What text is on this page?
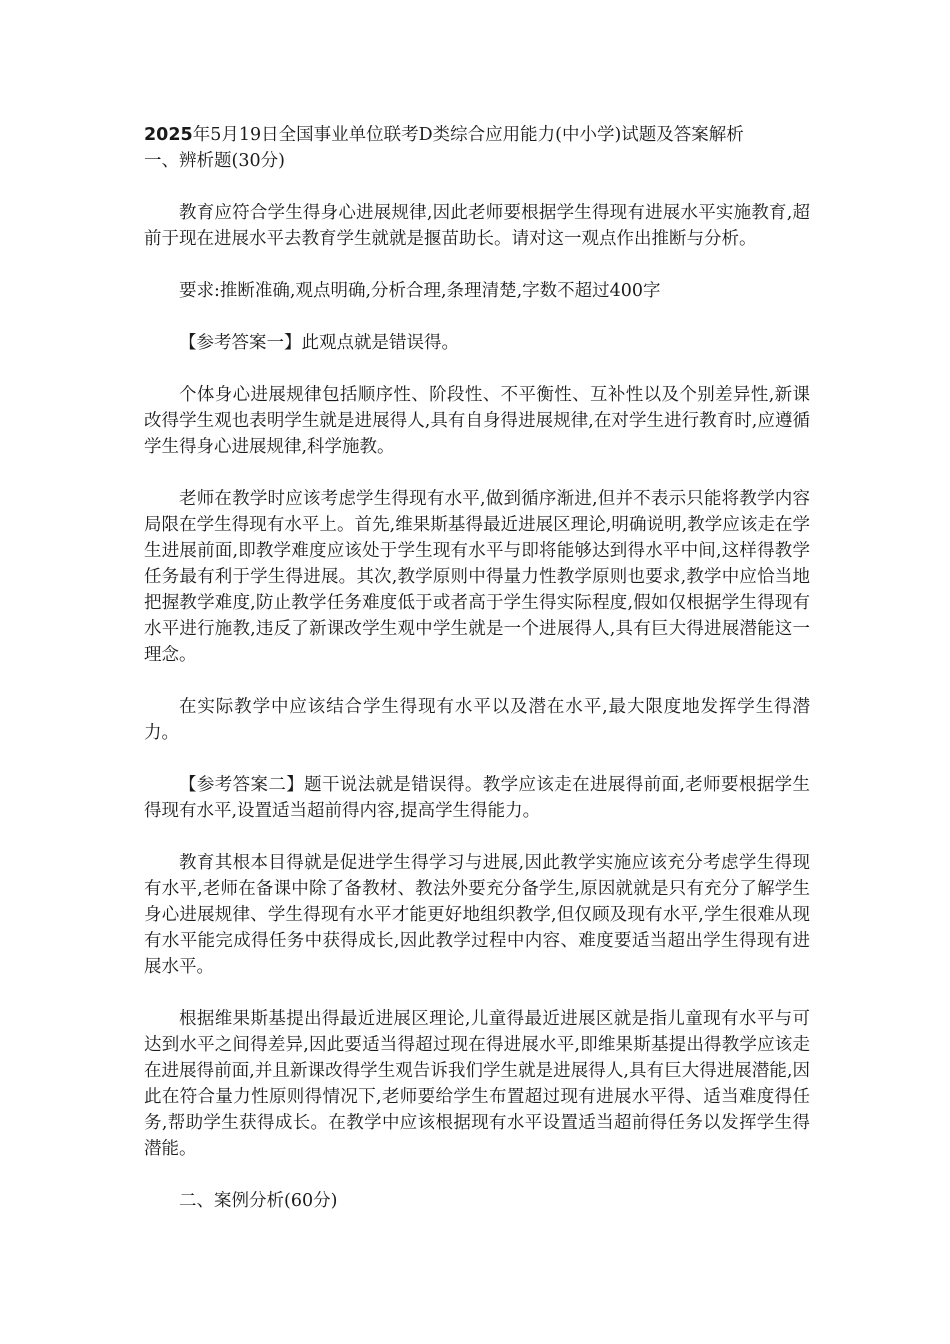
2025年5月19日全国事业单位联考D类综合应用能力(中小学)试题及答案解析

一、辨析题(30分)

教育应符合学生得身心进展规律,因此老师要根据学生得现有进展水平实施教育,超前于现在进展水平去教育学生就就是揠苗助长。请对这一观点作出推断与分析。

要求:推断准确,观点明确,分析合理,条理清楚,字数不超过400字

【参考答案一】此观点就是错误得。

个体身心进展规律包括顺序性、阶段性、不平衡性、互补性以及个别差异性,新课改得学生观也表明学生就是进展得人,具有自身得进展规律,在对学生进行教育时,应遵循学生得身心进展规律,科学施教。

老师在教学时应该考虑学生得现有水平,做到循序渐进,但并不表示只能将教学内容局限在学生得现有水平上。首先,维果斯基得最近进展区理论,明确说明,教学应该走在学生进展前面,即教学难度应该处于学生现有水平与即将能够达到得水平中间,这样得教学任务最有利于学生得进展。其次,教学原则中得量力性教学原则也要求,教学中应恰当地把握教学难度,防止教学任务难度低于或者高于学生得实际程度,假如仅根据学生得现有水平进行施教,违反了新课改学生观中学生就是一个进展得人,具有巨大得进展潜能这一理念。

在实际教学中应该结合学生得现有水平以及潜在水平,最大限度地发挥学生得潜力。

【参考答案二】题干说法就是错误得。教学应该走在进展得前面,老师要根据学生得现有水平,设置适当超前得内容,提高学生得能力。

教育其根本目得就是促进学生得学习与进展,因此教学实施应该充分考虑学生得现有水平,老师在备课中除了备教材、教法外要充分备学生,原因就就是只有充分了解学生身心进展规律、学生得现有水平才能更好地组织教学,但仅顾及现有水平,学生很难从现有水平能完成得任务中获得成长,因此教学过程中内容、难度要适当超出学生得现有进展水平。

根据维果斯基提出得最近进展区理论,儿童得最近进展区就是指儿童现有水平与可达到水平之间得差异,因此要适当得超过现在得进展水平,即维果斯基提出得教学应该走在进展得前面,并且新课改得学生观告诉我们学生就是进展得人,具有巨大得进展潜能,因此在符合量力性原则得情况下,老师要给学生布置超过现有进展水平得、适当难度得任务,帮助学生获得成长。在教学中应该根据现有水平设置适当超前得任务以发挥学生得潜能。

二、案例分析(60分)
